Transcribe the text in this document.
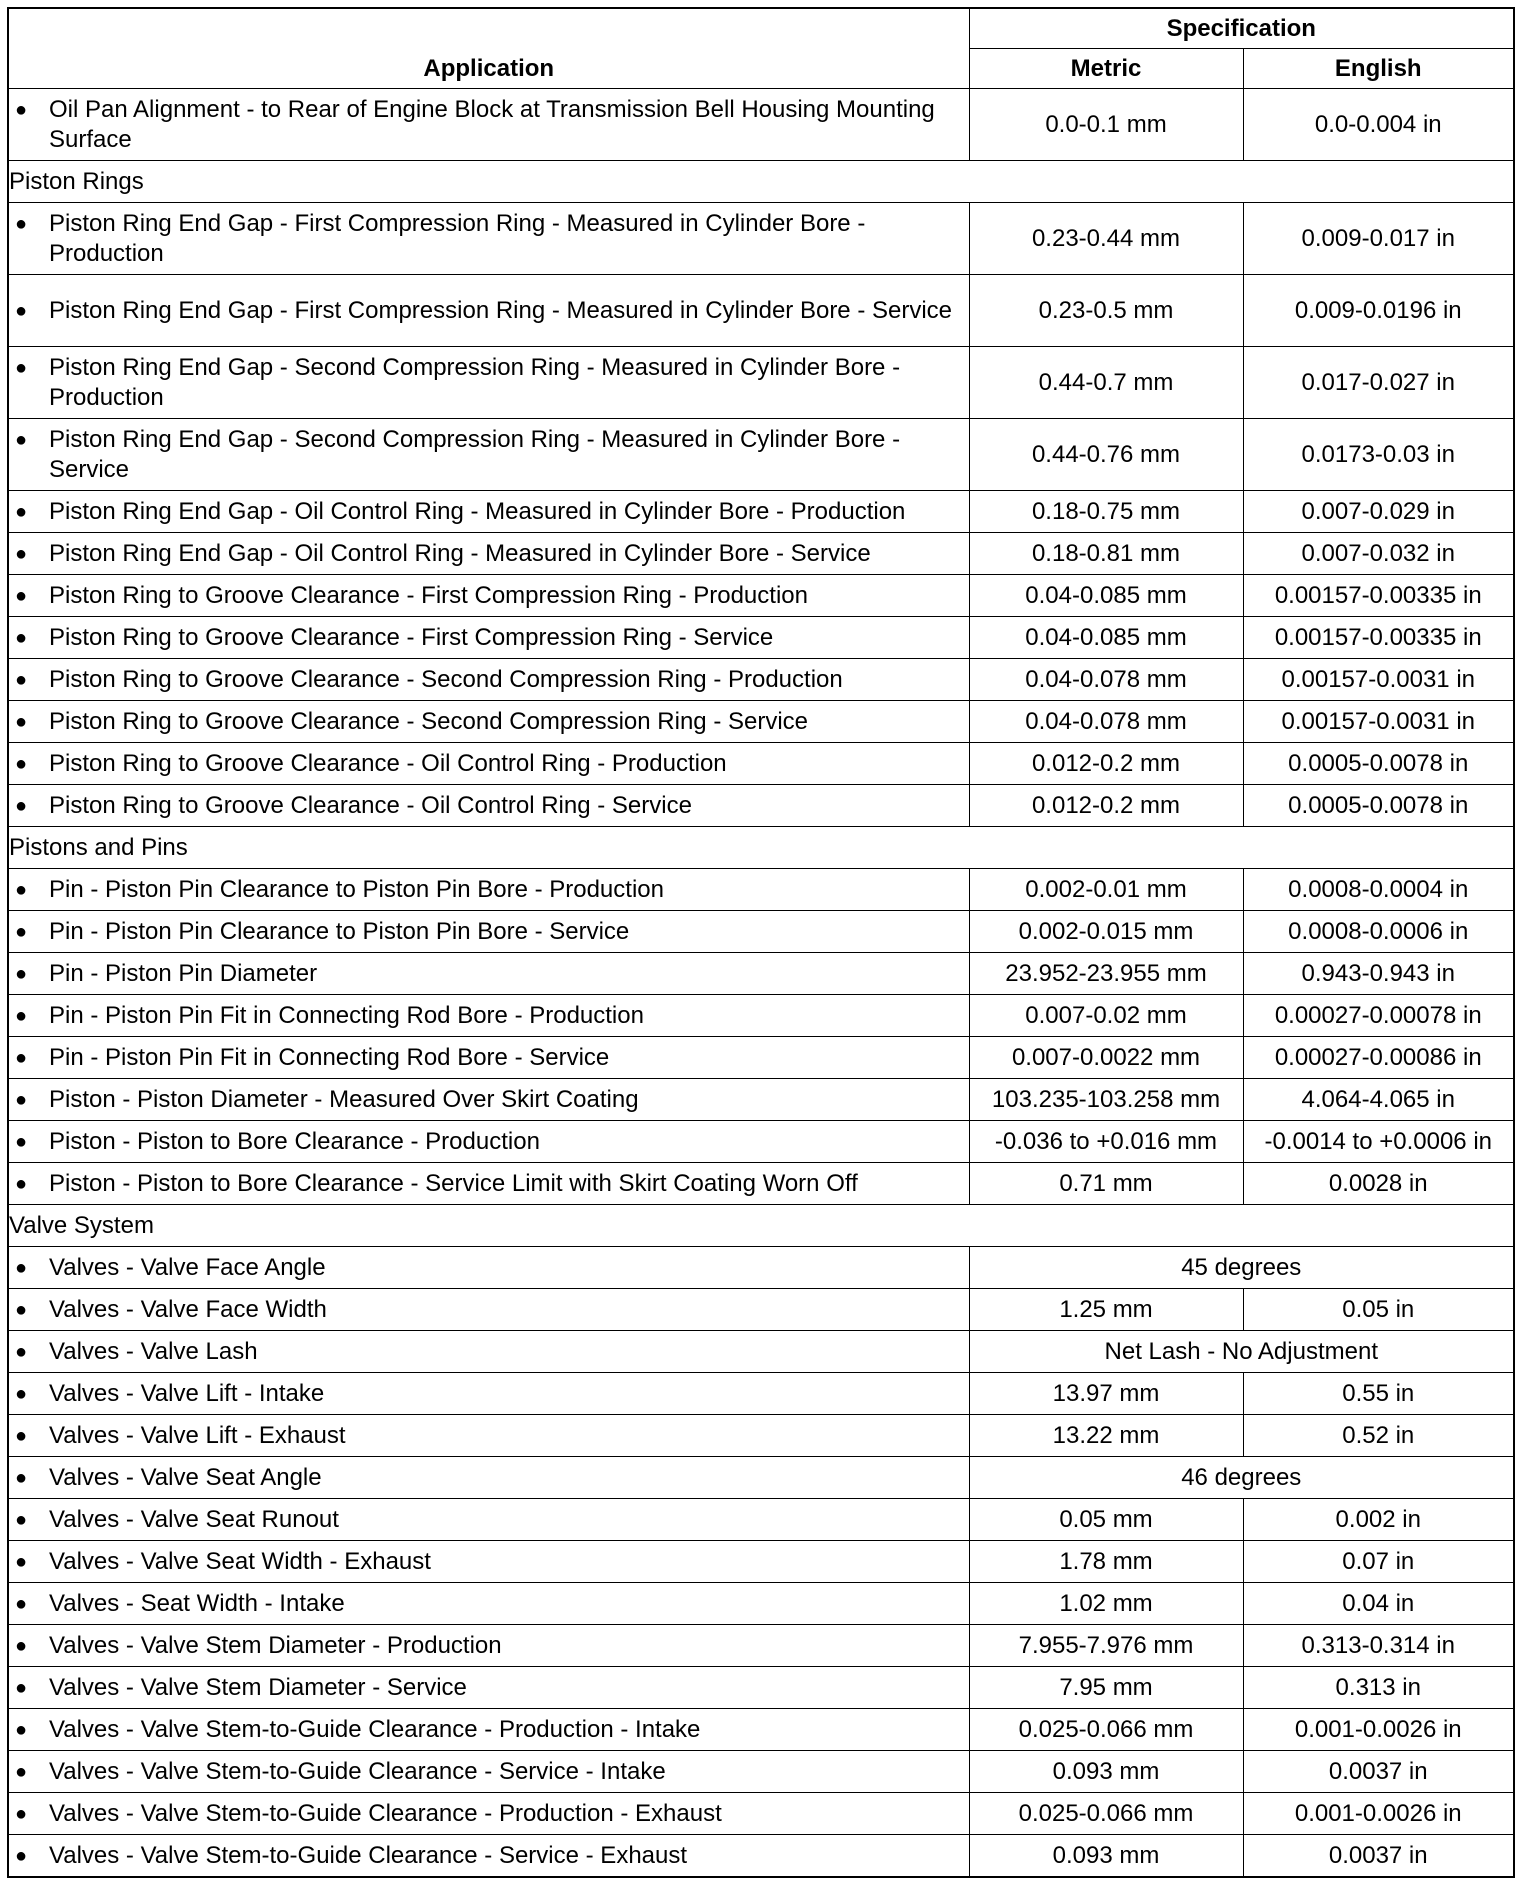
Application	Specification	
	Metric	English

● Oil Pan Alignment - to Rear of Engine Block at Transmission Bell Housing Mounting Surface	0.0-0.1 mm	0.0-0.004 in
Piston Rings		

● Piston Ring End Gap - First Compression Ring - Measured in Cylinder Bore - Production	0.23-0.44 mm	0.009-0.017 in

● Piston Ring End Gap - First Compression Ring - Measured in Cylinder Bore - Service	0.23-0.5 mm	0.009-0.0196 in

● Piston Ring End Gap - Second Compression Ring - Measured in Cylinder Bore - Production	0.44-0.7 mm	0.017-0.027 in

● Piston Ring End Gap - Second Compression Ring - Measured in Cylinder Bore - Service	0.44-0.76 mm	0.0173-0.03 in

● Piston Ring End Gap - Oil Control Ring - Measured in Cylinder Bore - Production	0.18-0.75 mm	0.007-0.029 in

● Piston Ring End Gap - Oil Control Ring - Measured in Cylinder Bore - Service	0.18-0.81 mm	0.007-0.032 in

● Piston Ring to Groove Clearance - First Compression Ring - Production	0.04-0.085 mm	0.00157-0.00335 in

● Piston Ring to Groove Clearance - First Compression Ring - Service	0.04-0.085 mm	0.00157-0.00335 in

● Piston Ring to Groove Clearance - Second Compression Ring - Production	0.04-0.078 mm	0.00157-0.0031 in

● Piston Ring to Groove Clearance - Second Compression Ring - Service	0.04-0.078 mm	0.00157-0.0031 in

● Piston Ring to Groove Clearance - Oil Control Ring - Production	0.012-0.2 mm	0.0005-0.0078 in

● Piston Ring to Groove Clearance - Oil Control Ring - Service	0.012-0.2 mm	0.0005-0.0078 in
Pistons and Pins		

● Pin - Piston Pin Clearance to Piston Pin Bore - Production	0.002-0.01 mm	0.0008-0.0004 in

● Pin - Piston Pin Clearance to Piston Pin Bore - Service	0.002-0.015 mm	0.0008-0.0006 in

● Pin - Piston Pin Diameter	23.952-23.955 mm	0.943-0.943 in

● Pin - Piston Pin Fit in Connecting Rod Bore - Production	0.007-0.02 mm	0.00027-0.00078 in

● Pin - Piston Pin Fit in Connecting Rod Bore - Service	0.007-0.0022 mm	0.00027-0.00086 in

● Piston - Piston Diameter - Measured Over Skirt Coating	103.235-103.258 mm	4.064-4.065 in

● Piston - Piston to Bore Clearance - Production	-0.036 to +0.016 mm	-0.0014 to +0.0006 in

● Piston - Piston to Bore Clearance - Service Limit with Skirt Coating Worn Off	0.71 mm	0.0028 in
Valve System		

● Valves - Valve Face Angle	45 degrees	

● Valves - Valve Face Width	1.25 mm	0.05 in

● Valves - Valve Lash	Net Lash - No Adjustment	

● Valves - Valve Lift - Intake	13.97 mm	0.55 in

● Valves - Valve Lift - Exhaust	13.22 mm	0.52 in

● Valves - Valve Seat Angle	46 degrees	

● Valves - Valve Seat Runout	0.05 mm	0.002 in

● Valves - Valve Seat Width - Exhaust	1.78 mm	0.07 in

● Valves - Seat Width - Intake	1.02 mm	0.04 in

● Valves - Valve Stem Diameter - Production	7.955-7.976 mm	0.313-0.314 in

● Valves - Valve Stem Diameter - Service	7.95 mm	0.313 in

● Valves - Valve Stem-to-Guide Clearance - Production - Intake	0.025-0.066 mm	0.001-0.0026 in

● Valves - Valve Stem-to-Guide Clearance - Service - Intake	0.093 mm	0.0037 in

● Valves - Valve Stem-to-Guide Clearance - Production - Exhaust	0.025-0.066 mm	0.001-0.0026 in

● Valves - Valve Stem-to-Guide Clearance - Service - Exhaust	0.093 mm	0.0037 in
